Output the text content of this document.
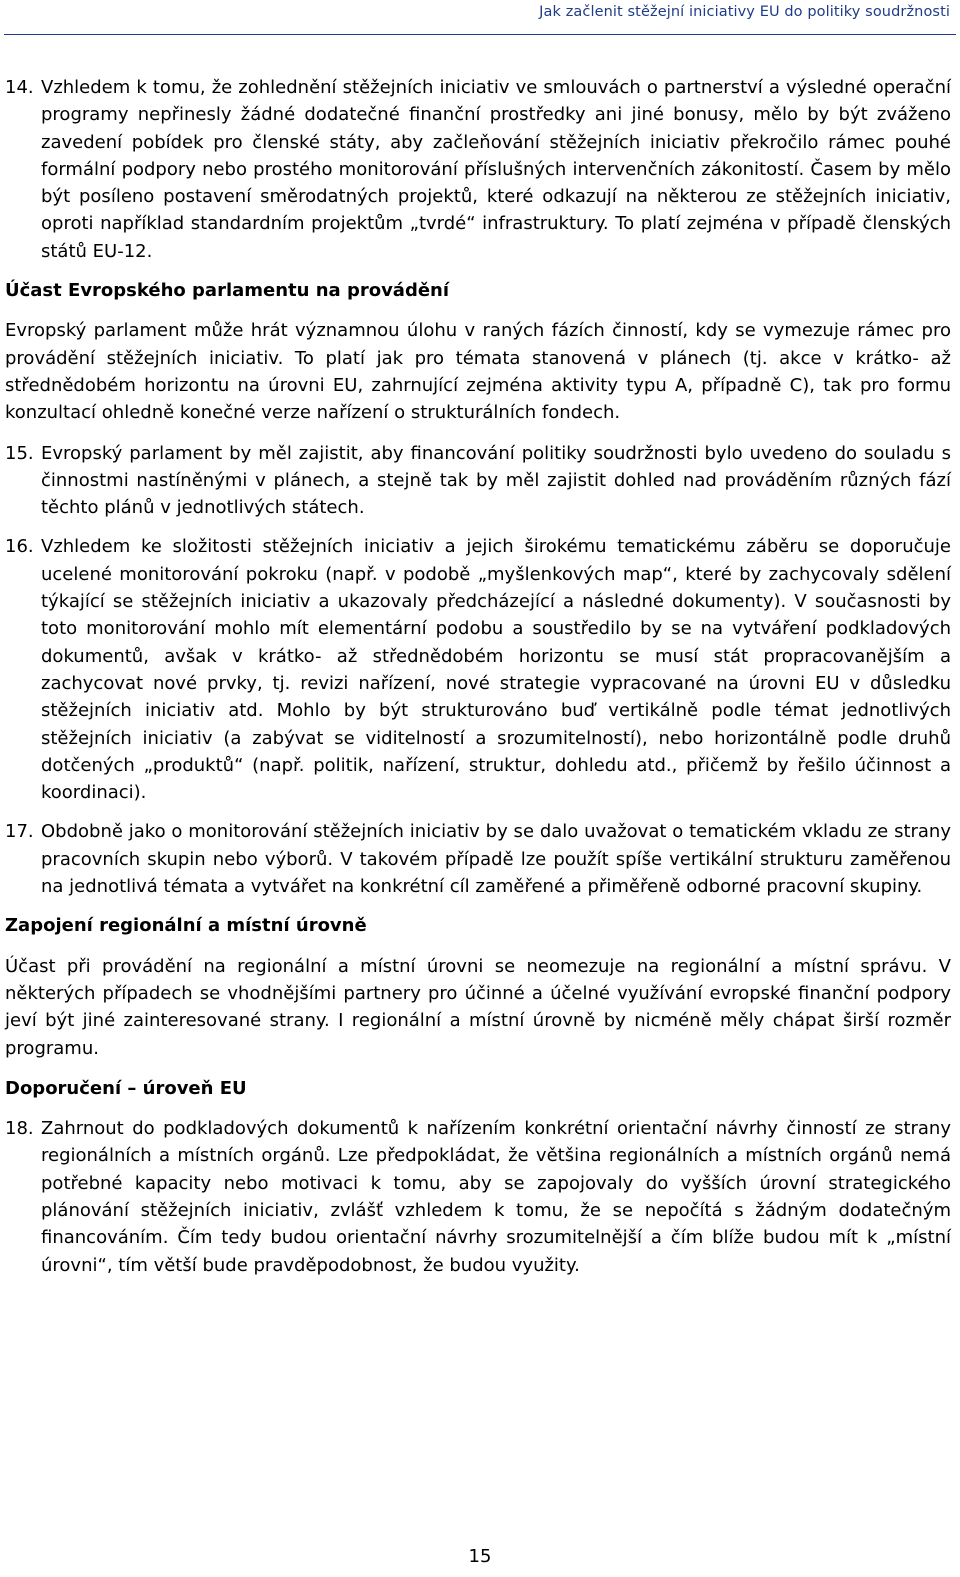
Jak začlenit stěžejní iniciativy EU do politiky soudržnosti
14. Vzhledem k tomu, že zohlednění stěžejních iniciativ ve smlouvách o partnerství a výsledné operační programy nepřinesly žádné dodatečné finanční prostředky ani jiné bonusy, mělo by být zváženo zavedení pobídek pro členské státy, aby začleňování stěžejních iniciativ překročilo rámec pouhé formální podpory nebo prostého monitorování příslušných intervenčních zákonitostí. Časem by mělo být posíleno postavení směrodatných projektů, které odkazují na některou ze stěžejních iniciativ, oproti například standardním projektům „tvrdé“ infrastruktury. To platí zejména v případě členských států EU-12.
Účast Evropského parlamentu na provádění

Evropský parlament může hrát významnou úlohu v raných fázích činností, kdy se vymezuje rámec pro provádění stěžejních iniciativ. To platí jak pro témata stanovená v plánech (tj. akce v krátko- až střednědobém horizontu na úrovni EU, zahrnující zejména aktivity typu A, případně C), tak pro formu konzultací ohledně konečné verze nařízení o strukturálních fondech.

15. Evropský parlament by měl zajistit, aby financování politiky soudržnosti bylo uvedeno do souladu s činnostmi nastíněnými v plánech, a stejně tak by měl zajistit dohled nad prováděním různých fází těchto plánů v jednotlivých státech.
16. Vzhledem ke složitosti stěžejních iniciativ a jejich širokému tematickému záběru se doporučuje ucelené monitorování pokroku (např. v podobě „myšlenkových map“, které by zachycovaly sdělení týkající se stěžejních iniciativ a ukazovaly předcházející a následné dokumenty). V současnosti by toto monitorování mohlo mít elementární podobu a soustředilo by se na vytváření podkladových dokumentů, avšak v krátko- až střednědobém horizontu se musí stát propracovanějším a zachycovat nové prvky, tj. revizi nařízení, nové strategie vypracované na úrovni EU v důsledku stěžejních iniciativ atd. Mohlo by být strukturováno buď vertikálně podle témat jednotlivých stěžejních iniciativ (a zabývat se viditelností a srozumitelností), nebo horizontálně podle druhů dotčených „produktů“ (např. politik, nařízení, struktur, dohledu atd., přičemž by řešilo účinnost a koordinaci).
17. Obdobně jako o monitorování stěžejních iniciativ by se dalo uvažovat o tematickém vkladu ze strany pracovních skupin nebo výborů. V takovém případě lze použít spíše vertikální strukturu zaměřenou na jednotlivá témata a vytvářet na konkrétní cíl zaměřené a přiměřeně odborné pracovní skupiny.
Zapojení regionální a místní úrovně

Účast při provádění na regionální a místní úrovni se neomezuje na regionální a místní správu. V některých případech se vhodnějšími partnery pro účinné a účelné využívání evropské finanční podpory jeví být jiné zainteresované strany. I regionální a místní úrovně by nicméně měly chápat širší rozměr programu.

Doporučení – úroveň EU
18. Zahrnout do podkladových dokumentů k nařízením konkrétní orientační návrhy činností ze strany regionálních a místních orgánů. Lze předpokládat, že většina regionálních a místních orgánů nemá potřebné kapacity nebo motivaci k tomu, aby se zapojovaly do vyšších úrovní strategického plánování stěžejních iniciativ, zvlášť vzhledem k tomu, že se nepočítá s žádným dodatečným financováním. Čím tedy budou orientační návrhy srozumitelnější a čím blíže budou mít k „místní úrovni“, tím větší bude pravděpodobnost, že budou využity.
15
